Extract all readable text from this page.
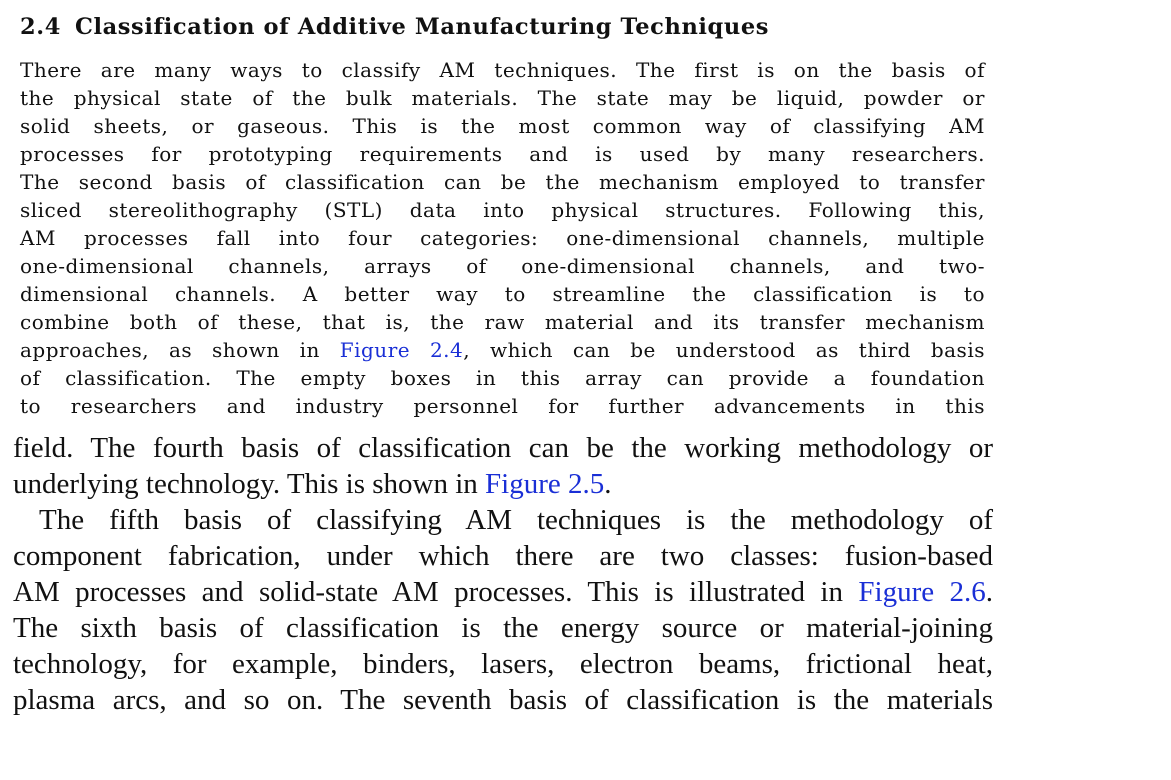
2.4 Classification of Additive Manufacturing Techniques
There are many ways to classify AM techniques. The first is on the basis of
the physical state of the bulk materials. The state may be liquid, powder or
solid sheets, or gaseous. This is the most common way of classifying AM
processes for prototyping requirements and is used by many researchers.
The second basis of classification can be the mechanism employed to transfer
sliced stereolithography (STL) data into physical structures. Following this,
AM processes fall into four categories: one-dimensional channels, multiple
one-dimensional channels, arrays of one-dimensional channels, and two-
dimensional channels. A better way to streamline the classification is to
combine both of these, that is, the raw material and its transfer mechanism
approaches, as shown in Figure 2.4, which can be understood as third basis
of classification. The empty boxes in this array can provide a foundation
to researchers and industry personnel for further advancements in this
field. The fourth basis of classification can be the working methodology or
underlying technology. This is shown in Figure 2.5.
The fifth basis of classifying AM techniques is the methodology of
component fabrication, under which there are two classes: fusion-based
AM processes and solid-state AM processes. This is illustrated in Figure 2.6.
The sixth basis of classification is the energy source or material-joining
technology, for example, binders, lasers, electron beams, frictional heat,
plasma arcs, and so on. The seventh basis of classification is the materials
